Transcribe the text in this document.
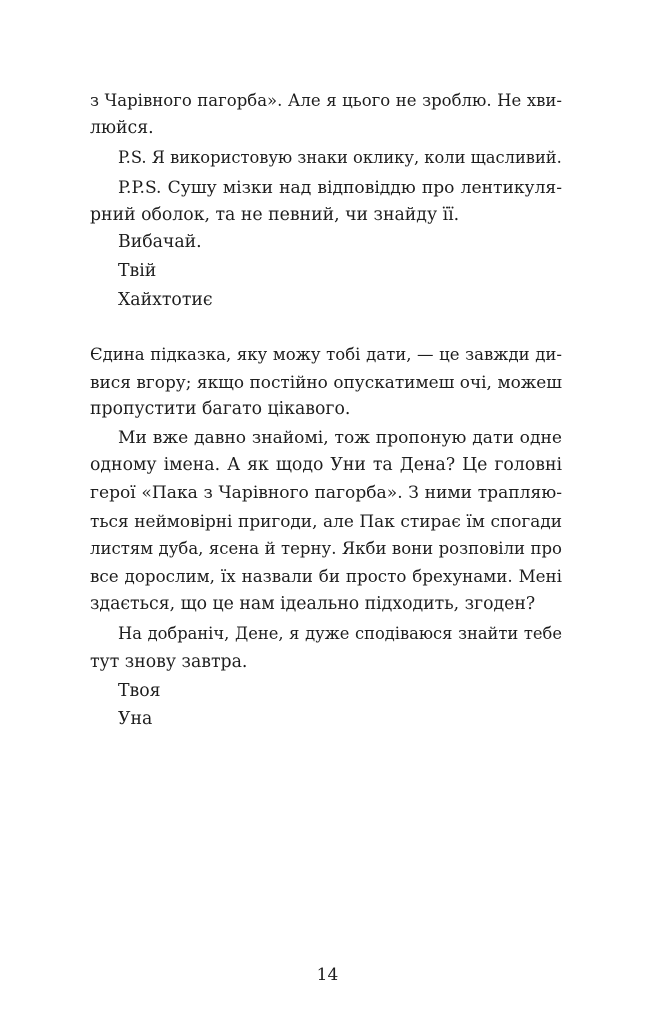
з Чарівного пагорба». Але я цього не зроблю. Не хви-
люйся.
P.S. Я використовую знаки оклику, коли щасливий.
P.P.S. Сушу мізки над відповіддю про лентикуля-
рний оболок, та не певний, чи знайду її.
Вибачай.
Твій
Хайхтотиє
Єдина підказка, яку можу тобі дати, — це завжди ди-
вися вгору; якщо постійно опускатимеш очі, можеш
пропустити багато цікавого.
Ми вже давно знайомі, тож пропоную дати одне
одному імена. А як щодо Уни та Дена? Це головні
герої «Пака з Чарівного пагорба». З ними трапляю-
ться неймовірні пригоди, але Пак стирає їм спогади
листям дуба, ясена й терну. Якби вони розповіли про
все дорослим, їх назвали би просто брехунами. Мені
здається, що це нам ідеально підходить, згоден?
На добраніч, Дене, я дуже сподіваюся знайти тебе
тут знову завтра.
Твоя
Уна
14
